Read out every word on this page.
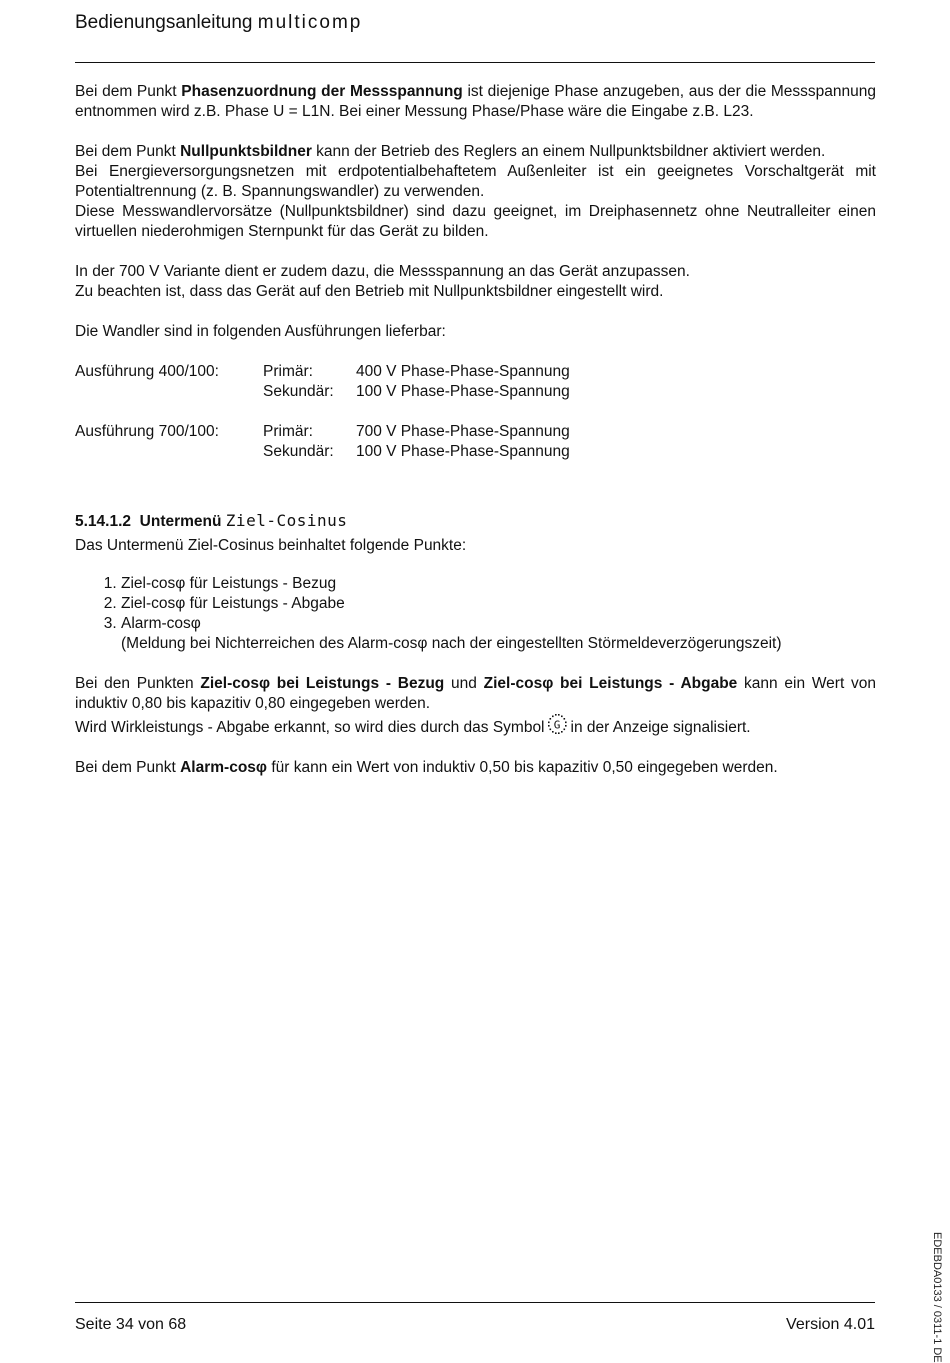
Bedienungsanleitung multicomp

Bei dem Punkt Phasenzuordnung der Messspannung ist diejenige Phase anzugeben, aus der die Messspannung entnommen wird z.B. Phase U = L1N. Bei einer Messung Phase/Phase wäre die Eingabe z.B. L23.

Bei dem Punkt Nullpunktsbildner kann der Betrieb des Reglers an einem Nullpunktsbildner aktiviert werden.
Bei Energieversorgungsnetzen mit erdpotentialbehaftetem Außenleiter ist ein geeignetes Vorschaltgerät mit Potentialtrennung (z. B. Spannungswandler) zu verwenden.
Diese Messwandlervorsätze (Nullpunktsbildner) sind dazu geeignet, im Dreiphasennetz ohne Neutralleiter einen virtuellen niederohmigen Sternpunkt für das Gerät zu bilden.

In der 700 V Variante dient er zudem dazu, die Messspannung an das Gerät anzupassen.
Zu beachten ist, dass das Gerät auf den Betrieb mit Nullpunktsbildner eingestellt wird.

Die Wandler sind in folgenden Ausführungen lieferbar:

Ausführung 400/100:	Primär:	400 V Phase-Phase-Spannung
Sekundär:	100 V Phase-Phase-Spannung
Ausführung 700/100:	Primär:	700 V Phase-Phase-Spannung
Sekundär:	100 V Phase-Phase-Spannung
5.14.1.2 Untermenü Ziel-Cosinus

Das Untermenü Ziel-Cosinus beinhaltet folgende Punkte:

1. Ziel-cosφ für Leistungs - Bezug
2. Ziel-cosφ für Leistungs - Abgabe
3. Alarm-cosφ
(Meldung bei Nichterreichen des Alarm-cosφ nach der eingestellten Störmeldeverzögerungszeit)

Bei den Punkten Ziel-cosφ bei Leistungs - Bezug und Ziel-cosφ bei Leistungs - Abgabe kann ein Wert von induktiv 0,80 bis kapazitiv 0,80 eingegeben werden.
Wird Wirkleistungs - Abgabe erkannt, so wird dies durch das Symbol G in der Anzeige signalisiert.

Bei dem Punkt Alarm-cosφ für kann ein Wert von induktiv 0,50 bis kapazitiv 0,50 eingegeben werden.

EDEBDA0133 / 0311-1 DE
Seite 34 von 68	Version 4.01
